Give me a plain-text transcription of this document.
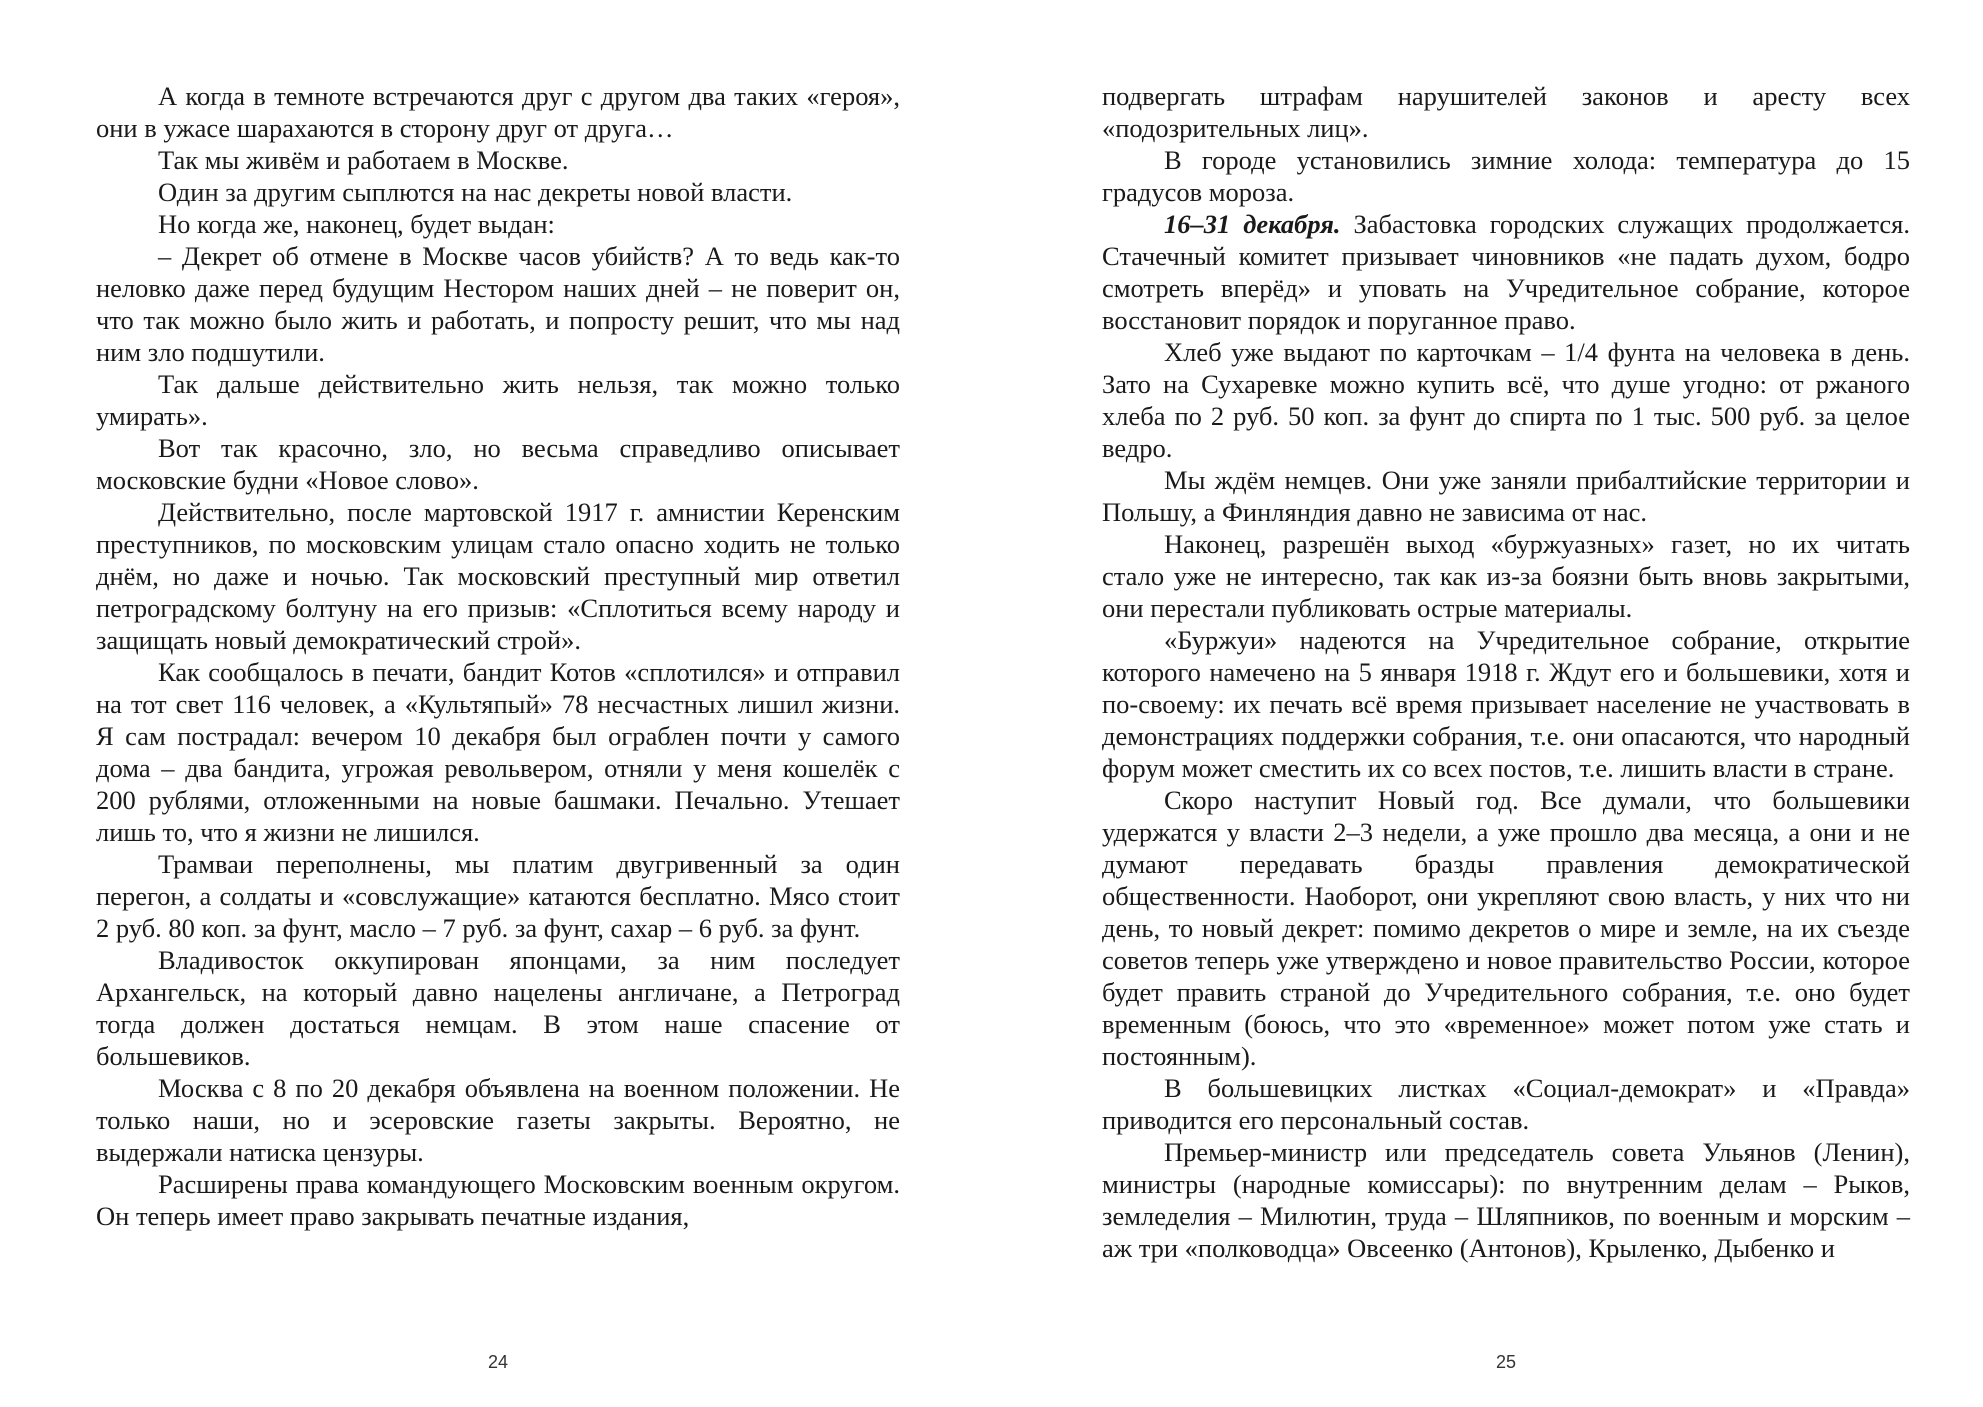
А когда в темноте встречаются друг с другом два таких «героя», они в ужасе шарахаются в сторону друг от друга…

Так мы живём и работаем в Москве.

Один за другим сыплются на нас декреты новой власти.

Но когда же, наконец, будет выдан:

– Декрет об отмене в Москве часов убийств? А то ведь как-то неловко даже перед будущим Нестором наших дней – не поверит он, что так можно было жить и работать, и попросту решит, что мы над ним зло подшутили.

Так дальше действительно жить нельзя, так можно только умирать».

Вот так красочно, зло, но весьма справедливо описывает московские будни «Новое слово».

Действительно, после мартовской 1917 г. амнистии Керенским преступников, по московским улицам стало опасно ходить не только днём, но даже и ночью. Так московский преступный мир ответил петроградскому болтуну на его призыв: «Сплотиться всему народу и защищать новый демократический строй».

Как сообщалось в печати, бандит Котов «сплотился» и отправил на тот свет 116 человек, а «Культяпый» 78 несчастных лишил жизни. Я сам пострадал: вечером 10 декабря был ограблен почти у самого дома – два бандита, угрожая револьвером, отняли у меня кошелёк с 200 рублями, отложенными на новые башмаки. Печально. Утешает лишь то, что я жизни не лишился.

Трамваи переполнены, мы платим двугривенный за один перегон, а солдаты и «совслужащие» катаются бесплатно. Мясо стоит 2 руб. 80 коп. за фунт, масло – 7 руб. за фунт, сахар – 6 руб. за фунт.

Владивосток оккупирован японцами, за ним последует Архангельск, на который давно нацелены англичане, а Петроград тогда должен достаться немцам. В этом наше спасение от большевиков.

Москва с 8 по 20 декабря объявлена на военном положении. Не только наши, но и эсеровские газеты закрыты. Вероятно, не выдержали натиска цензуры.

Расширены права командующего Московским военным округом. Он теперь имеет право закрывать печатные издания,

24

подвергать штрафам нарушителей законов и аресту всех «подозрительных лиц».

В городе установились зимние холода: температура до 15 градусов мороза.

16–31 декабря. Забастовка городских служащих продолжается. Стачечный комитет призывает чиновников «не падать духом, бодро смотреть вперёд» и уповать на Учредительное собрание, которое восстановит порядок и поруганное право.

Хлеб уже выдают по карточкам – 1/4 фунта на человека в день. Зато на Сухаревке можно купить всё, что душе угодно: от ржаного хлеба по 2 руб. 50 коп. за фунт до спирта по 1 тыс. 500 руб. за целое ведро.

Мы ждём немцев. Они уже заняли прибалтийские территории и Польшу, а Финляндия давно не зависима от нас.

Наконец, разрешён выход «буржуазных» газет, но их читать стало уже не интересно, так как из-за боязни быть вновь закрытыми, они перестали публиковать острые материалы.

«Буржуи» надеются на Учредительное собрание, открытие которого намечено на 5 января 1918 г. Ждут его и большевики, хотя и по-своему: их печать всё время призывает население не участвовать в демонстрациях поддержки собрания, т.е. они опасаются, что народный форум может сместить их со всех постов, т.е. лишить власти в стране.

Скоро наступит Новый год. Все думали, что большевики удержатся у власти 2–3 недели, а уже прошло два месяца, а они и не думают передавать бразды правления демократической общественности. Наоборот, они укрепляют свою власть, у них что ни день, то новый декрет: помимо декретов о мире и земле, на их съезде советов теперь уже утверждено и новое правительство России, которое будет править страной до Учредительного собрания, т.е. оно будет временным (боюсь, что это «временное» может потом уже стать и постоянным).

В большевицких листках «Социал-демократ» и «Правда» приводится его персональный состав.

Премьер-министр или председатель совета Ульянов (Ленин), министры (народные комиссары): по внутренним делам – Рыков, земледелия – Милютин, труда – Шляпников, по военным и морским – аж три «полководца» Овсеенко (Антонов), Крыленко, Дыбенко и

25
